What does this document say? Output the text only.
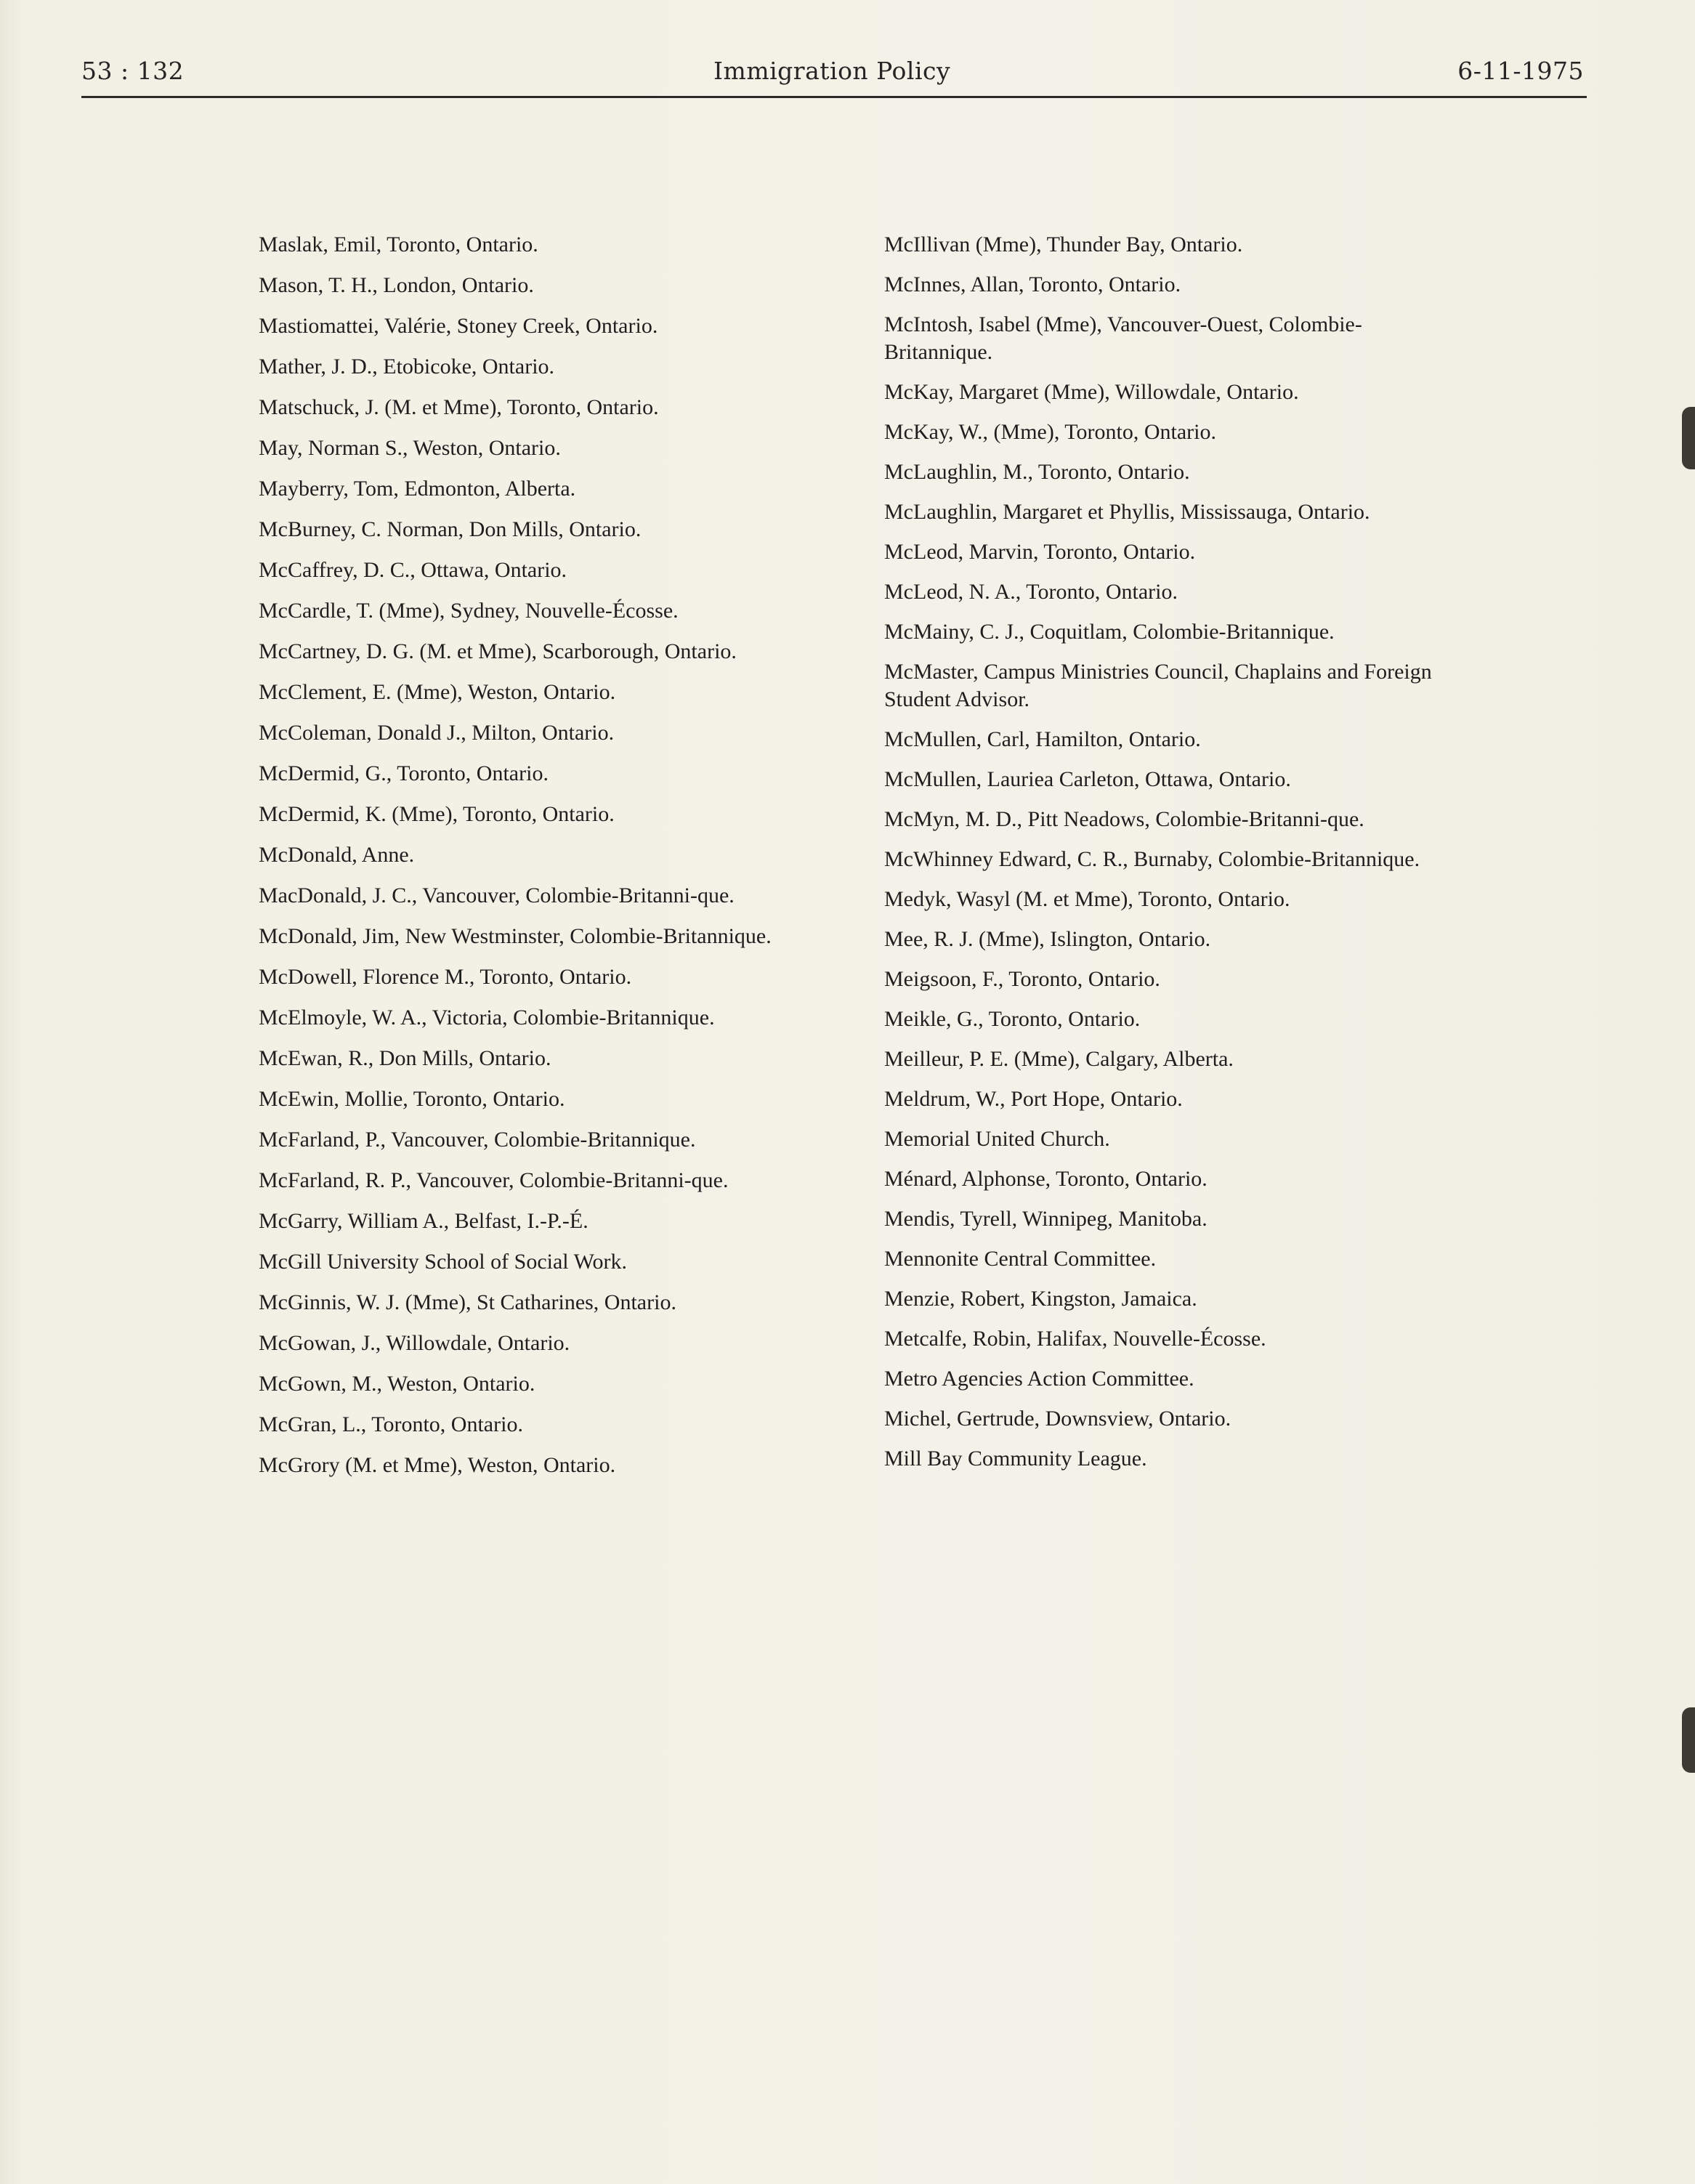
53 : 132	Immigration Policy	6-11-1975

Maslak, Emil, Toronto, Ontario.

Mason, T. H., London, Ontario.

Mastiomattei, Valérie, Stoney Creek, Ontario.

Mather, J. D., Etobicoke, Ontario.

Matschuck, J. (M. et Mme), Toronto, Ontario.

May, Norman S., Weston, Ontario.

Mayberry, Tom, Edmonton, Alberta.

McBurney, C. Norman, Don Mills, Ontario.

McCaffrey, D. C., Ottawa, Ontario.

McCardle, T. (Mme), Sydney, Nouvelle-Écosse.

McCartney, D. G. (M. et Mme), Scarborough, Ontario.

McClement, E. (Mme), Weston, Ontario.

McColeman, Donald J., Milton, Ontario.

McDermid, G., Toronto, Ontario.

McDermid, K. (Mme), Toronto, Ontario.

McDonald, Anne.

MacDonald, J. C., Vancouver, Colombie-Britanni-que.

McDonald, Jim, New Westminster, Colombie-Britannique.

McDowell, Florence M., Toronto, Ontario.

McElmoyle, W. A., Victoria, Colombie-Britannique.

McEwan, R., Don Mills, Ontario.

McEwin, Mollie, Toronto, Ontario.

McFarland, P., Vancouver, Colombie-Britannique.

McFarland, R. P., Vancouver, Colombie-Britanni-que.

McGarry, William A., Belfast, I.-P.-É.

McGill University School of Social Work.

McGinnis, W. J. (Mme), St Catharines, Ontario.

McGowan, J., Willowdale, Ontario.

McGown, M., Weston, Ontario.

McGran, L., Toronto, Ontario.

McGrory (M. et Mme), Weston, Ontario.

McIllivan (Mme), Thunder Bay, Ontario.

McInnes, Allan, Toronto, Ontario.

McIntosh, Isabel (Mme), Vancouver-Ouest, Colombie-Britannique.

McKay, Margaret (Mme), Willowdale, Ontario.

McKay, W., (Mme), Toronto, Ontario.

McLaughlin, M., Toronto, Ontario.

McLaughlin, Margaret et Phyllis, Mississauga, Ontario.

McLeod, Marvin, Toronto, Ontario.

McLeod, N. A., Toronto, Ontario.

McMainy, C. J., Coquitlam, Colombie-Britannique.

McMaster, Campus Ministries Council, Chaplains and Foreign Student Advisor.

McMullen, Carl, Hamilton, Ontario.

McMullen, Lauriea Carleton, Ottawa, Ontario.

McMyn, M. D., Pitt Neadows, Colombie-Britanni-que.

McWhinney Edward, C. R., Burnaby, Colombie-Britannique.

Medyk, Wasyl (M. et Mme), Toronto, Ontario.

Mee, R. J. (Mme), Islington, Ontario.

Meigsoon, F., Toronto, Ontario.

Meikle, G., Toronto, Ontario.

Meilleur, P. E. (Mme), Calgary, Alberta.

Meldrum, W., Port Hope, Ontario.

Memorial United Church.

Ménard, Alphonse, Toronto, Ontario.

Mendis, Tyrell, Winnipeg, Manitoba.

Mennonite Central Committee.

Menzie, Robert, Kingston, Jamaica.

Metcalfe, Robin, Halifax, Nouvelle-Écosse.

Metro Agencies Action Committee.

Michel, Gertrude, Downsview, Ontario.

Mill Bay Community League.
